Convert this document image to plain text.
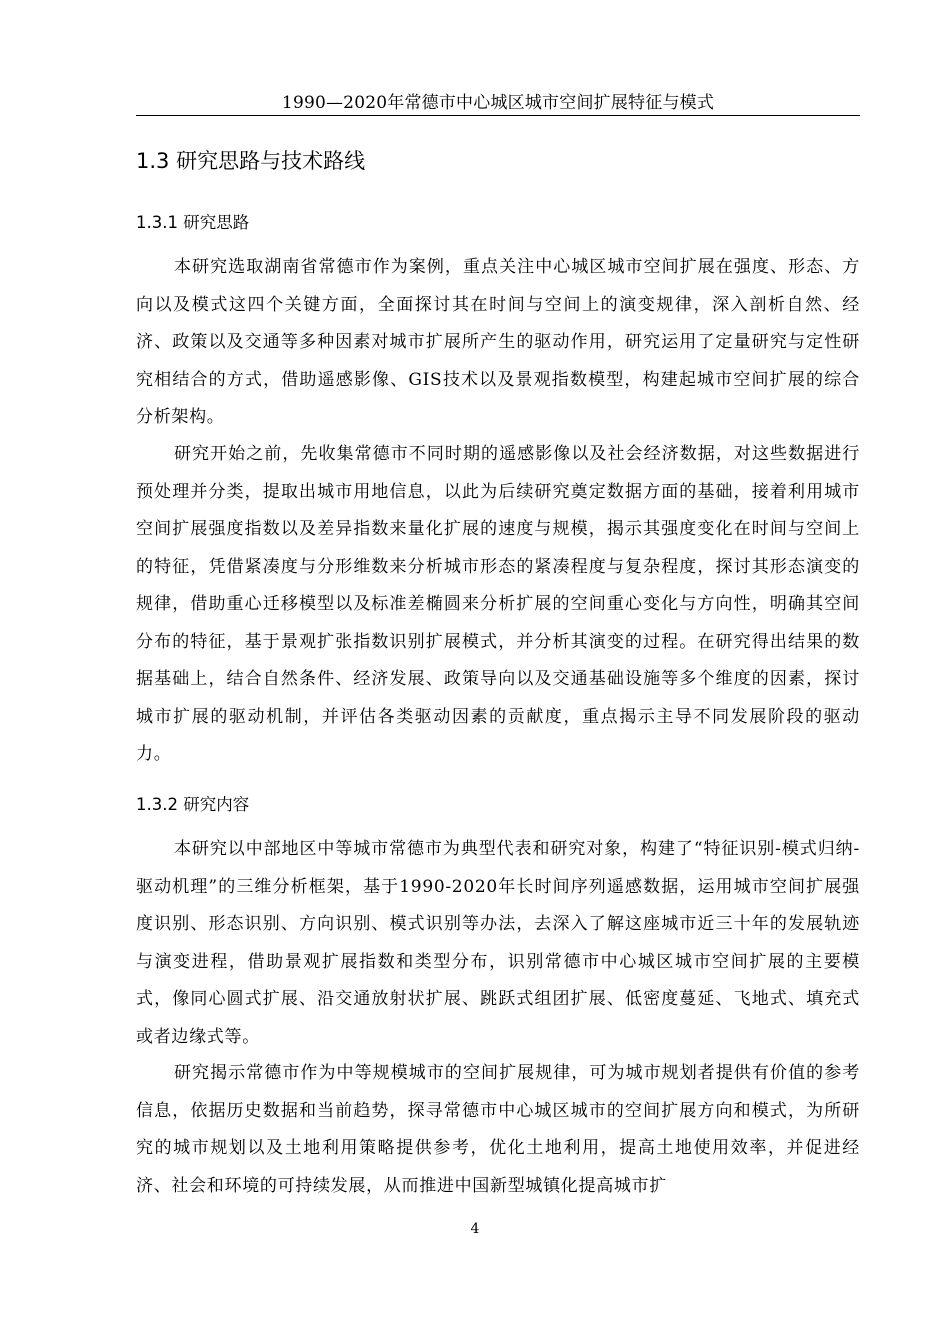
1990—2020年常德市中心城区城市空间扩展特征与模式
1.3 研究思路与技术路线
1.3.1 研究思路

本研究选取湖南省常德市作为案例，重点关注中心城区城市空间扩展在强度、形态、方向以及模式这四个关键方面，全面探讨其在时间与空间上的演变规律，深入剖析自然、经济、政策以及交通等多种因素对城市扩展所产生的驱动作用，研究运用了定量研究与定性研究相结合的方式，借助遥感影像、GIS技术以及景观指数模型，构建起城市空间扩展的综合分析架构。

研究开始之前，先收集常德市不同时期的遥感影像以及社会经济数据，对这些数据进行预处理并分类，提取出城市用地信息，以此为后续研究奠定数据方面的基础，接着利用城市空间扩展强度指数以及差异指数来量化扩展的速度与规模，揭示其强度变化在时间与空间上的特征，凭借紧凑度与分形维数来分析城市形态的紧凑程度与复杂程度，探讨其形态演变的规律，借助重心迁移模型以及标准差椭圆来分析扩展的空间重心变化与方向性，明确其空间分布的特征，基于景观扩张指数识别扩展模式，并分析其演变的过程。在研究得出结果的数据基础上，结合自然条件、经济发展、政策导向以及交通基础设施等多个维度的因素，探讨城市扩展的驱动机制，并评估各类驱动因素的贡献度，重点揭示主导不同发展阶段的驱动力。

1.3.2 研究内容

本研究以中部地区中等城市常德市为典型代表和研究对象，构建了“特征识别-模式归纳-驱动机理”的三维分析框架，基于1990-2020年长时间序列遥感数据，运用城市空间扩展强度识别、形态识别、方向识别、模式识别等办法，去深入了解这座城市近三十年的发展轨迹与演变进程，借助景观扩展指数和类型分布，识别常德市中心城区城市空间扩展的主要模式，像同心圆式扩展、沿交通放射状扩展、跳跃式组团扩展、低密度蔓延、飞地式、填充式或者边缘式等。

研究揭示常德市作为中等规模城市的空间扩展规律，可为城市规划者提供有价值的参考信息，依据历史数据和当前趋势，探寻常德市中心城区城市的空间扩展方向和模式，为所研究的城市规划以及土地利用策略提供参考，优化土地利用，提高土地使用效率，并促进经济、社会和环境的可持续发展，从而推进中国新型城镇化提高城市扩

4
